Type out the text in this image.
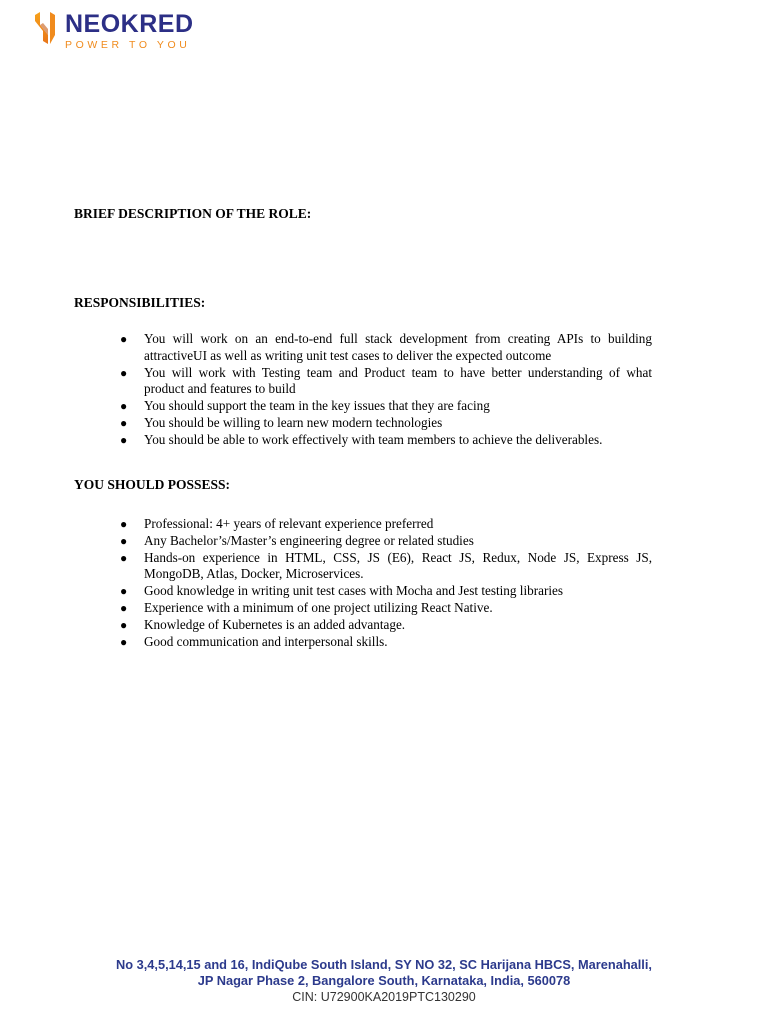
NEOKRED
POWER TO YOU
BRIEF DESCRIPTION OF THE ROLE:
RESPONSIBILITIES:
● You will work on an end-to-end full stack development from creating APIs to building attractiveUI as well as writing unit test cases to deliver the expected outcome
● You will work with Testing team and Product team to have better understanding of what product and features to build
● You should support the team in the key issues that they are facing
● You should be willing to learn new modern technologies
● You should be able to work effectively with team members to achieve the deliverables.
YOU SHOULD POSSESS:
● Professional: 4+ years of relevant experience preferred
● Any Bachelor’s/Master’s engineering degree or related studies
● Hands-on experience in HTML, CSS, JS (E6), React JS, Redux, Node JS, Express JS, MongoDB, Atlas, Docker, Microservices.
● Good knowledge in writing unit test cases with Mocha and Jest testing libraries
● Experience with a minimum of one project utilizing React Native.
● Knowledge of Kubernetes is an added advantage.
● Good communication and interpersonal skills.
No 3,4,5,14,15 and 16, IndiQube South Island, SY NO 32, SC Harijana HBCS, Marenahalli,
JP Nagar Phase 2, Bangalore South, Karnataka, India, 560078
CIN: U72900KA2019PTC130290
